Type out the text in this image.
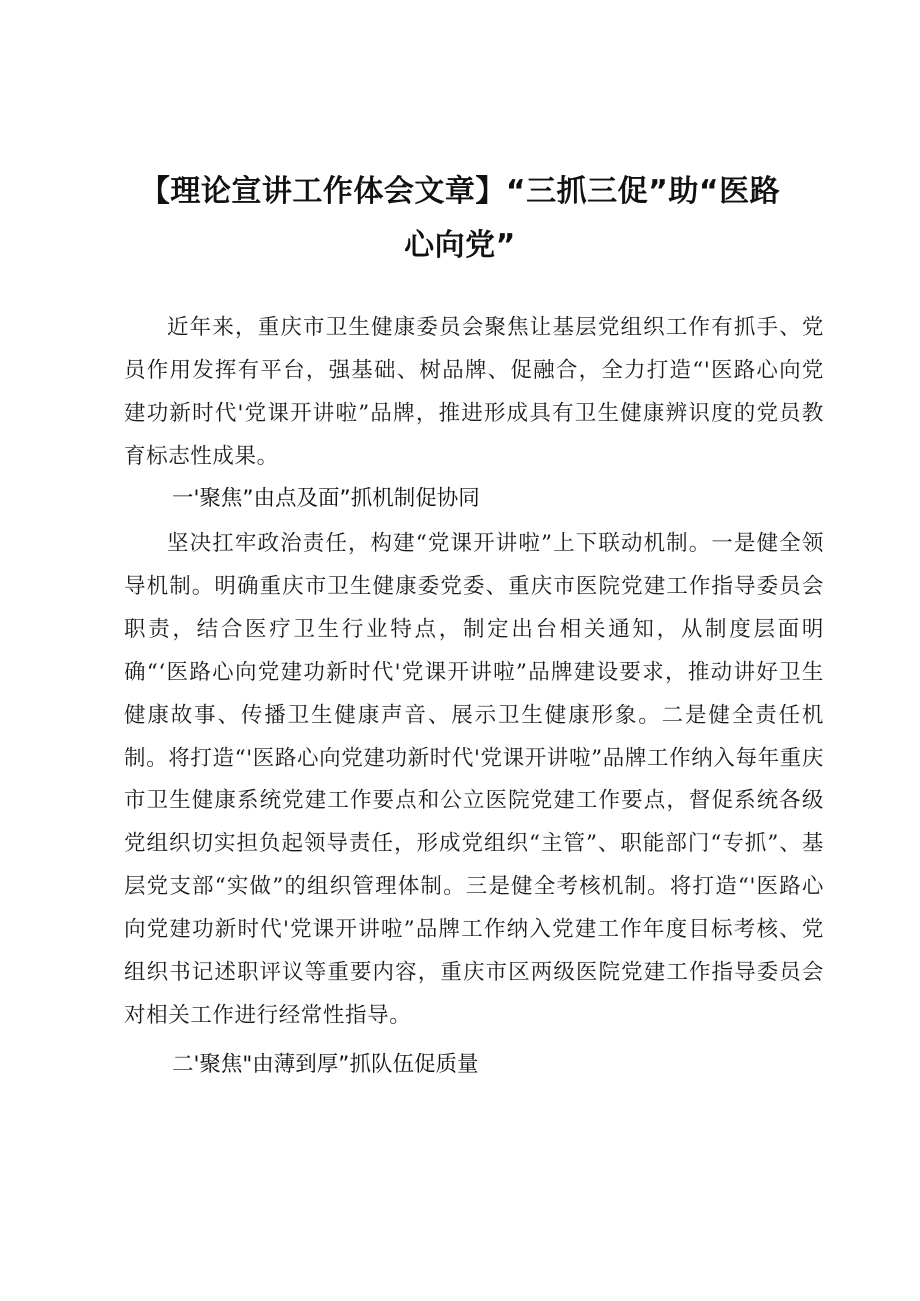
【理论宣讲工作体会文章】“三抓三促”助“医路
心向党”

近年来，重庆市卫生健康委员会聚焦让基层党组织工作有抓手、党员作用发挥有平台，强基础、树品牌、促融合，全力打造“'医路心向党建功新时代'党课开讲啦”品牌，推进形成具有卫生健康辨识度的党员教育标志性成果。

一'聚焦”由点及面”抓机制促协同

坚决扛牢政治责任，构建“党课开讲啦”上下联动机制。一是健全领导机制。明确重庆市卫生健康委党委、重庆市医院党建工作指导委员会职责，结合医疗卫生行业特点，制定出台相关通知，从制度层面明确“‘医路心向党建功新时代'党课开讲啦”品牌建设要求，推动讲好卫生健康故事、传播卫生健康声音、展示卫生健康形象。二是健全责任机制。将打造“'医路心向党建功新时代'党课开讲啦”品牌工作纳入每年重庆市卫生健康系统党建工作要点和公立医院党建工作要点，督促系统各级党组织切实担负起领导责任，形成党组织“主管”、职能部门“专抓”、基层党支部“实做”的组织管理体制。三是健全考核机制。将打造“'医路心向党建功新时代'党课开讲啦”品牌工作纳入党建工作年度目标考核、党组织书记述职评议等重要内容，重庆市区两级医院党建工作指导委员会对相关工作进行经常性指导。

二'聚焦"由薄到厚”抓队伍促质量
